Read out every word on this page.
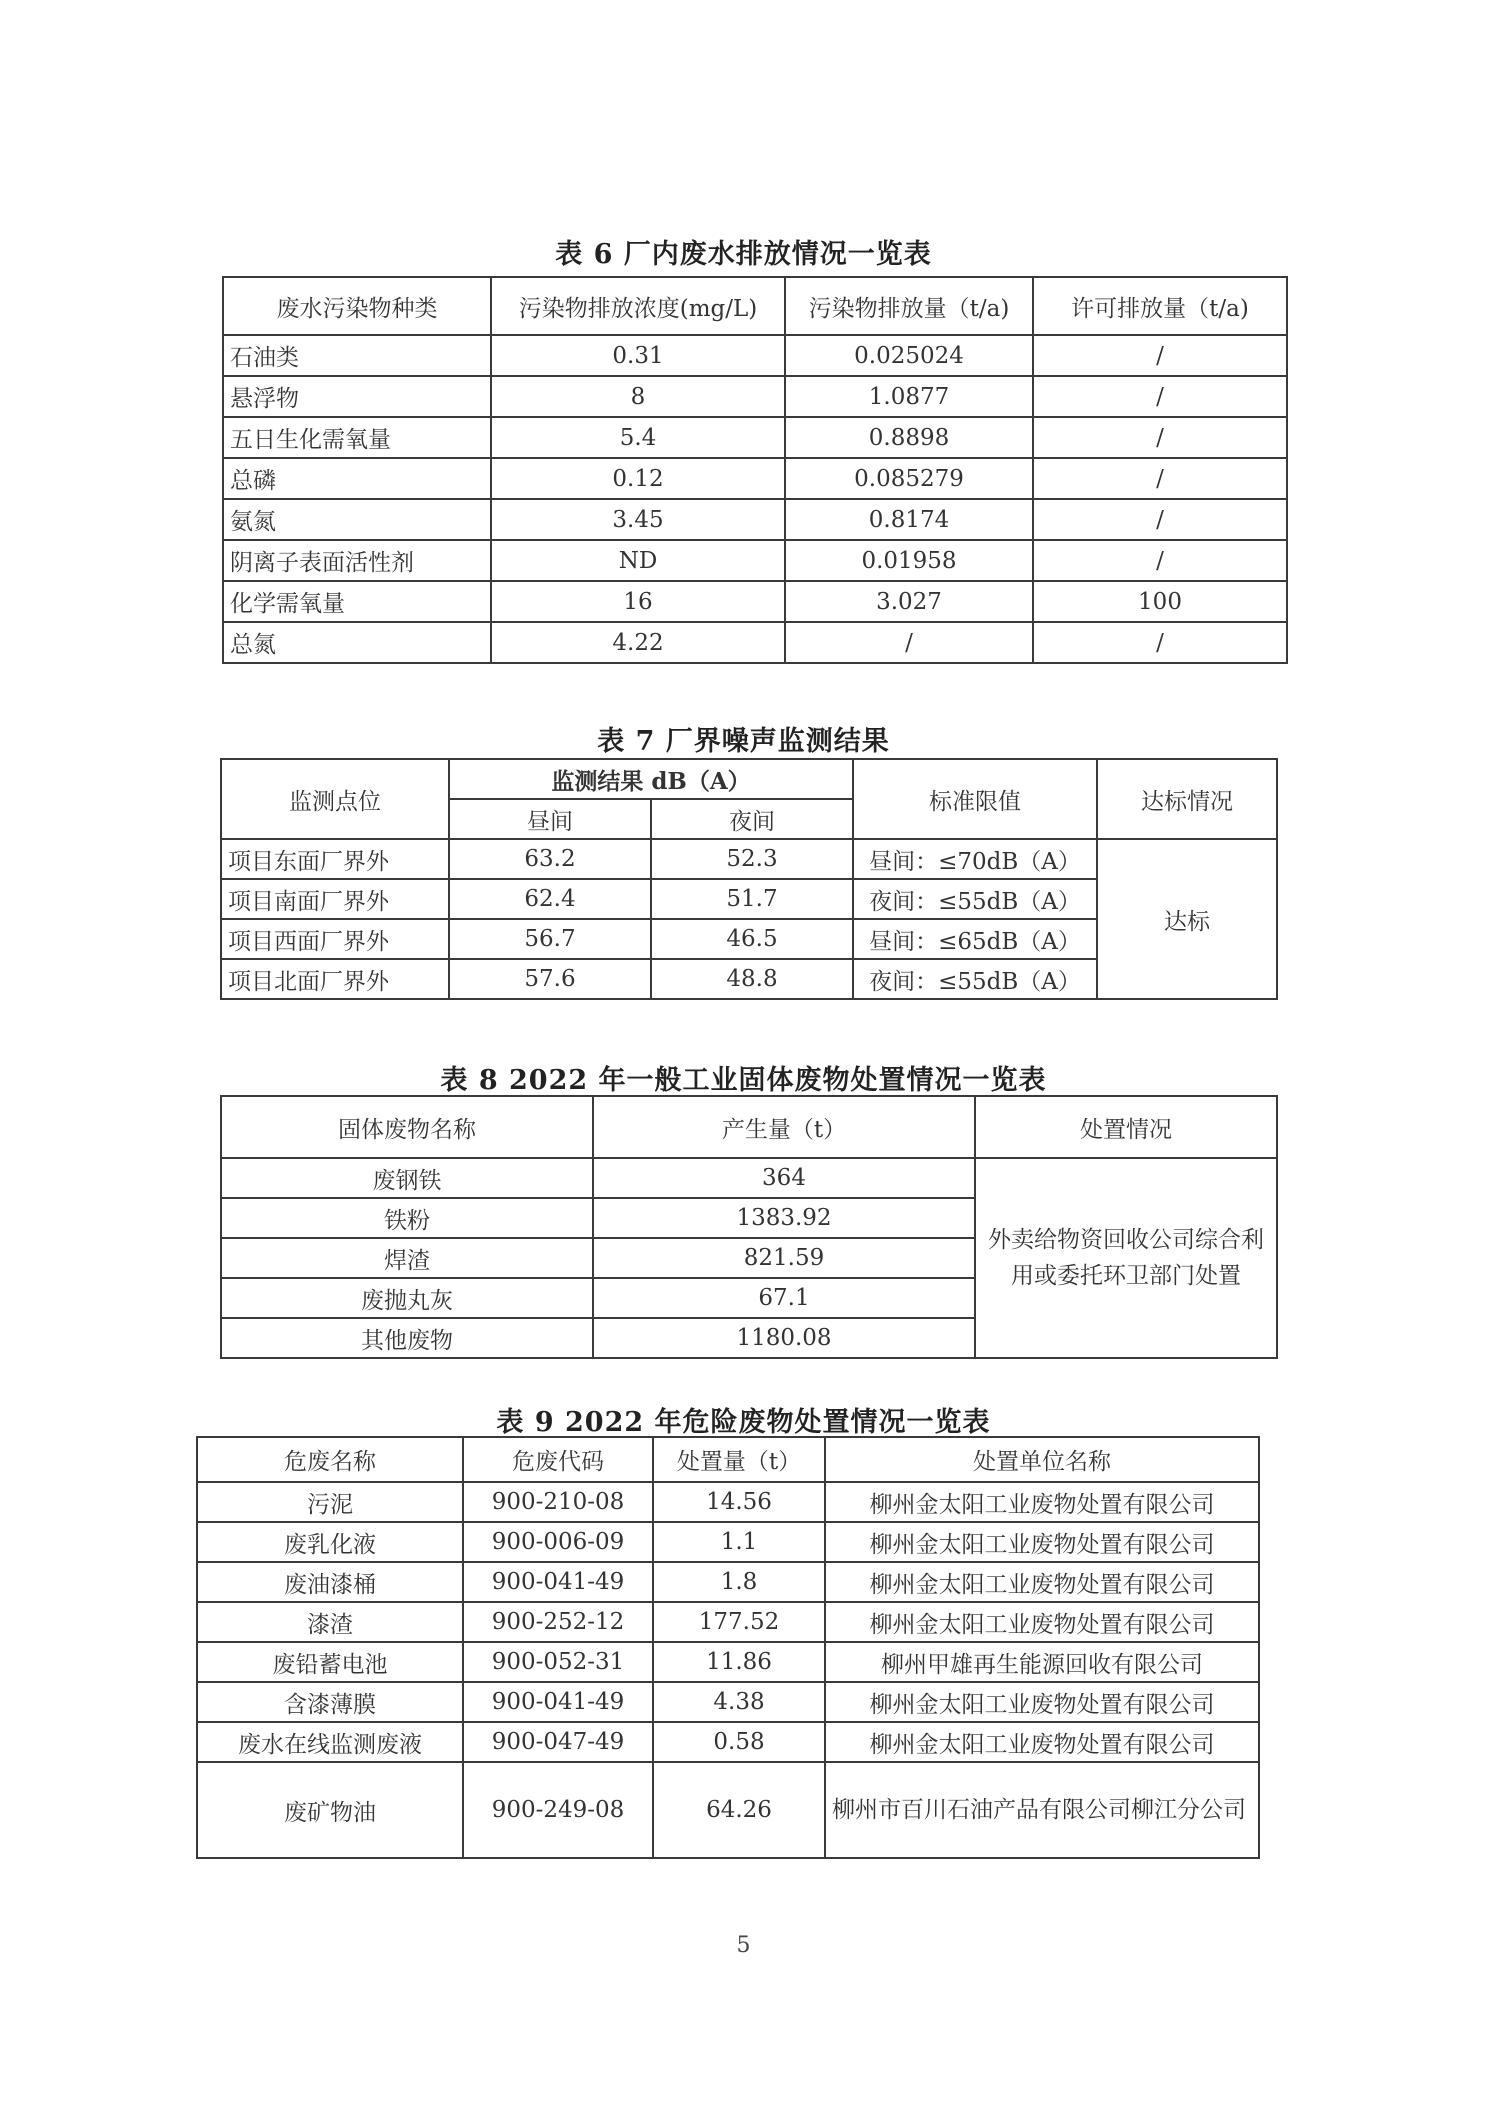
表 6 厂内废水排放情况一览表
废水污染物种类	污染物排放浓度(mg/L)	污染物排放量（t/a)	许可排放量（t/a)
石油类	0.31	0.025024	/
悬浮物	8	1.0877	/
五日生化需氧量	5.4	0.8898	/
总磷	0.12	0.085279	/
氨氮	3.45	0.8174	/
阴离子表面活性剂	ND	0.01958	/
化学需氧量	16	3.027	100
总氮	4.22	/	/
表 7 厂界噪声监测结果
监测点位	监测结果 dB（A）		标准限值	达标情况
	昼间	夜间		
项目东面厂界外	63.2	52.3	昼间：≤70dB（A）	达标
项目南面厂界外	62.4	51.7	夜间：≤55dB（A）	
项目西面厂界外	56.7	46.5	昼间：≤65dB（A）	
项目北面厂界外	57.6	48.8	夜间：≤55dB（A）	
表 8 2022 年一般工业固体废物处置情况一览表
固体废物名称	产生量（t）	处置情况
废钢铁	364	外卖给物资回收公司综合利用或委托环卫部门处置
铁粉	1383.92	
焊渣	821.59	
废抛丸灰	67.1	
其他废物	1180.08	
表 9 2022 年危险废物处置情况一览表
危废名称	危废代码	处置量（t）	处置单位名称
污泥	900-210-08	14.56	柳州金太阳工业废物处置有限公司
废乳化液	900-006-09	1.1	柳州金太阳工业废物处置有限公司
废油漆桶	900-041-49	1.8	柳州金太阳工业废物处置有限公司
漆渣	900-252-12	177.52	柳州金太阳工业废物处置有限公司
废铅蓄电池	900-052-31	11.86	柳州甲雄再生能源回收有限公司
含漆薄膜	900-041-49	4.38	柳州金太阳工业废物处置有限公司
废水在线监测废液	900-047-49	0.58	柳州金太阳工业废物处置有限公司
废矿物油	900-249-08	64.26	柳州市百川石油产品有限公司柳江分公司
5
